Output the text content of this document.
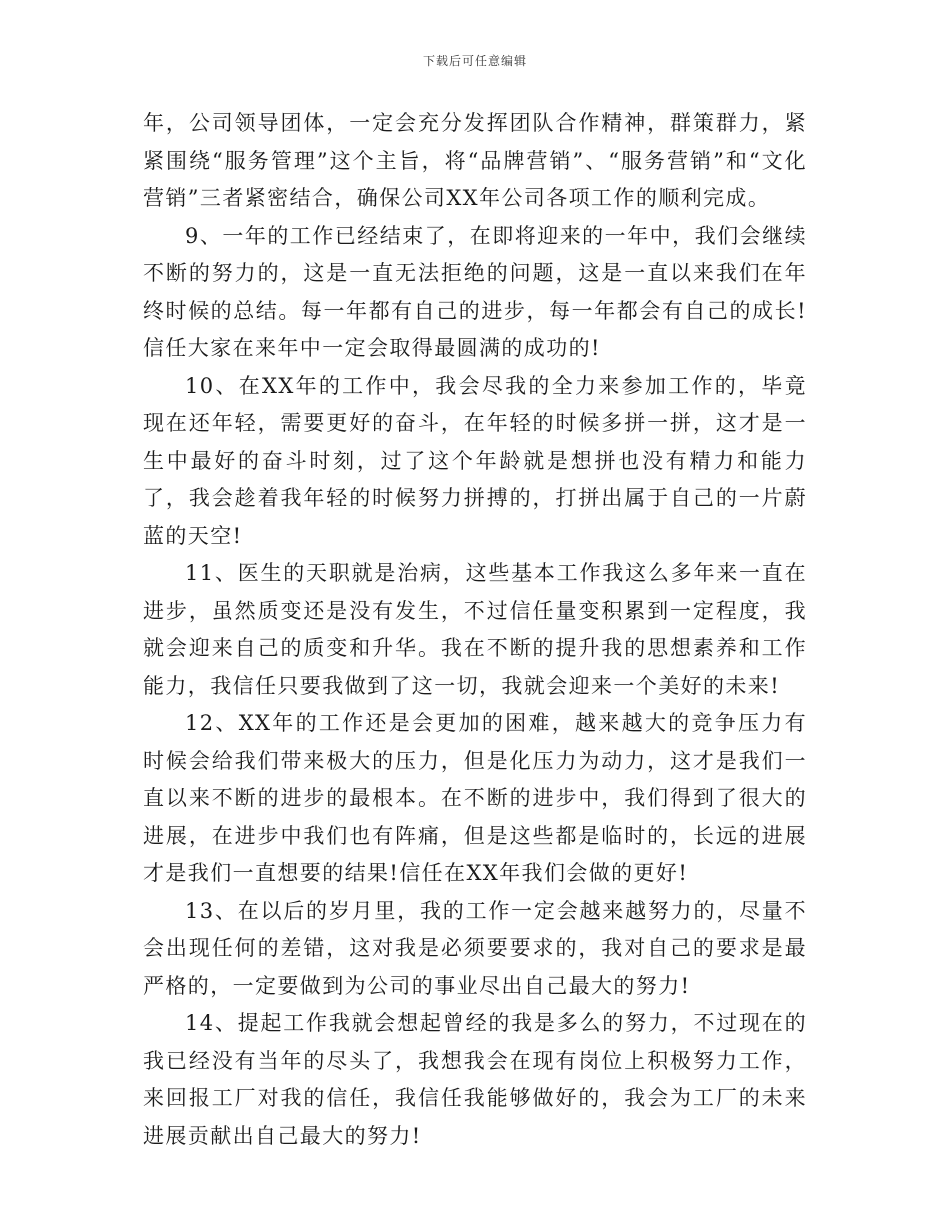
下载后可任意编辑

年，公司领导团体，一定会充分发挥团队合作精神，群策群力，紧紧围绕“服务管理”这个主旨，将“品牌营销”、“服务营销”和“文化营销”三者紧密结合，确保公司XX年公司各项工作的顺利完成。

9、一年的工作已经结束了，在即将迎来的一年中，我们会继续不断的努力的，这是一直无法拒绝的问题，这是一直以来我们在年终时候的总结。每一年都有自己的进步，每一年都会有自己的成长!信任大家在来年中一定会取得最圆满的成功的!

10、在XX年的工作中，我会尽我的全力来参加工作的，毕竟现在还年轻，需要更好的奋斗，在年轻的时候多拼一拼，这才是一生中最好的奋斗时刻，过了这个年龄就是想拼也没有精力和能力了，我会趁着我年轻的时候努力拼搏的，打拼出属于自己的一片蔚蓝的天空!

11、医生的天职就是治病，这些基本工作我这么多年来一直在进步，虽然质变还是没有发生，不过信任量变积累到一定程度，我就会迎来自己的质变和升华。我在不断的提升我的思想素养和工作能力，我信任只要我做到了这一切，我就会迎来一个美好的未来!

12、XX年的工作还是会更加的困难，越来越大的竞争压力有时候会给我们带来极大的压力，但是化压力为动力，这才是我们一直以来不断的进步的最根本。在不断的进步中，我们得到了很大的进展，在进步中我们也有阵痛，但是这些都是临时的，长远的进展才是我们一直想要的结果!信任在XX年我们会做的更好!

13、在以后的岁月里，我的工作一定会越来越努力的，尽量不会出现任何的差错，这对我是必须要要求的，我对自己的要求是最严格的，一定要做到为公司的事业尽出自己最大的努力!

14、提起工作我就会想起曾经的我是多么的努力，不过现在的我已经没有当年的尽头了，我想我会在现有岗位上积极努力工作，来回报工厂对我的信任，我信任我能够做好的，我会为工厂的未来进展贡献出自己最大的努力!
